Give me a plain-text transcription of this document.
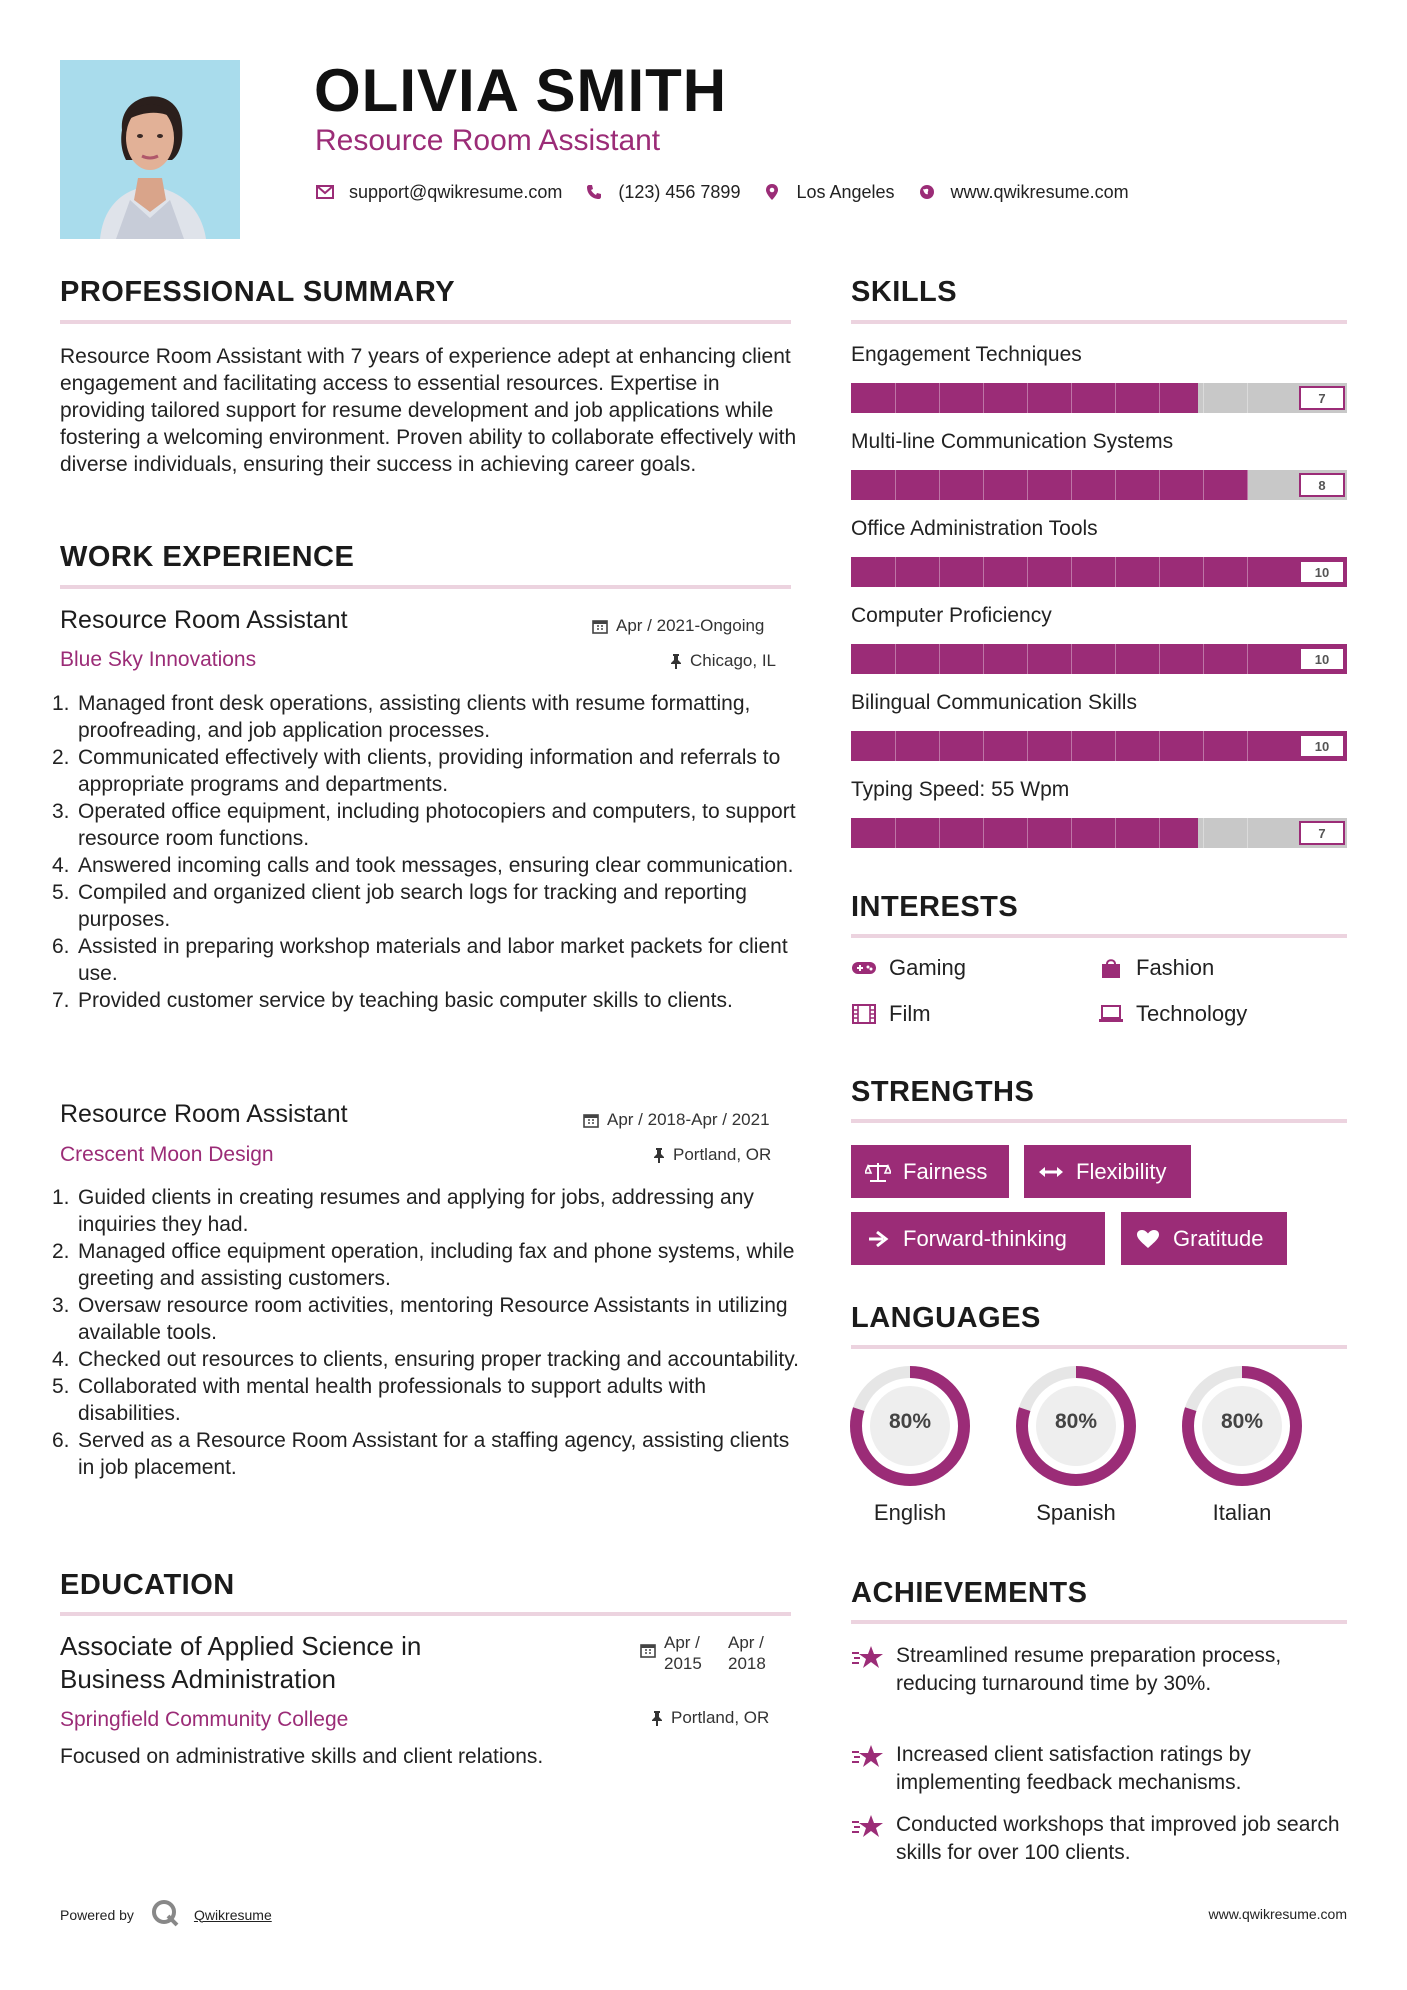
OLIVIA SMITH
Resource Room Assistant
support@qwikresume.com	(123) 456 7899	Los Angeles	www.qwikresume.com
PROFESSIONAL SUMMARY
Resource Room Assistant with 7 years of experience adept at enhancing client engagement and facilitating access to essential resources. Expertise in providing tailored support for resume development and job applications while fostering a welcoming environment. Proven ability to collaborate effectively with diverse individuals, ensuring their success in achieving career goals.
WORK EXPERIENCE
Resource Room Assistant
Blue Sky Innovations
Apr / 2021-Ongoing
Chicago, IL
1. Managed front desk operations, assisting clients with resume formatting, proofreading, and job application processes.
2. Communicated effectively with clients, providing information and referrals to appropriate programs and departments.
3. Operated office equipment, including photocopiers and computers, to support resource room functions.
4. Answered incoming calls and took messages, ensuring clear communication.
5. Compiled and organized client job search logs for tracking and reporting purposes.
6. Assisted in preparing workshop materials and labor market packets for client use.
7. Provided customer service by teaching basic computer skills to clients.
Resource Room Assistant
Crescent Moon Design
Apr / 2018-Apr / 2021
Portland, OR
1. Guided clients in creating resumes and applying for jobs, addressing any inquiries they had.
2. Managed office equipment operation, including fax and phone systems, while greeting and assisting customers.
3. Oversaw resource room activities, mentoring Resource Assistants in utilizing available tools.
4. Checked out resources to clients, ensuring proper tracking and accountability.
5. Collaborated with mental health professionals to support adults with disabilities.
6. Served as a Resource Room Assistant for a staffing agency, assisting clients in job placement.
EDUCATION
Associate of Applied Science in Business Administration
Apr / 2015
Apr / 2018
Springfield Community College	Portland, OR
Focused on administrative skills and client relations.
SKILLS
Engagement Techniques
7
Multi-line Communication Systems
8
Office Administration Tools
10
Computer Proficiency
10
Bilingual Communication Skills
10
Typing Speed: 55 Wpm
7
INTERESTS
Gaming	Fashion
Film	Technology
STRENGTHS
Fairness	Flexibility
Forward-thinking	Gratitude
LANGUAGES
80%
English
80%
Spanish
80%
Italian
ACHIEVEMENTS
Streamlined resume preparation process, reducing turnaround time by 30%.
Increased client satisfaction ratings by implementing feedback mechanisms.
Conducted workshops that improved job search skills for over 100 clients.
Powered by	Qwikresume	www.qwikresume.com
